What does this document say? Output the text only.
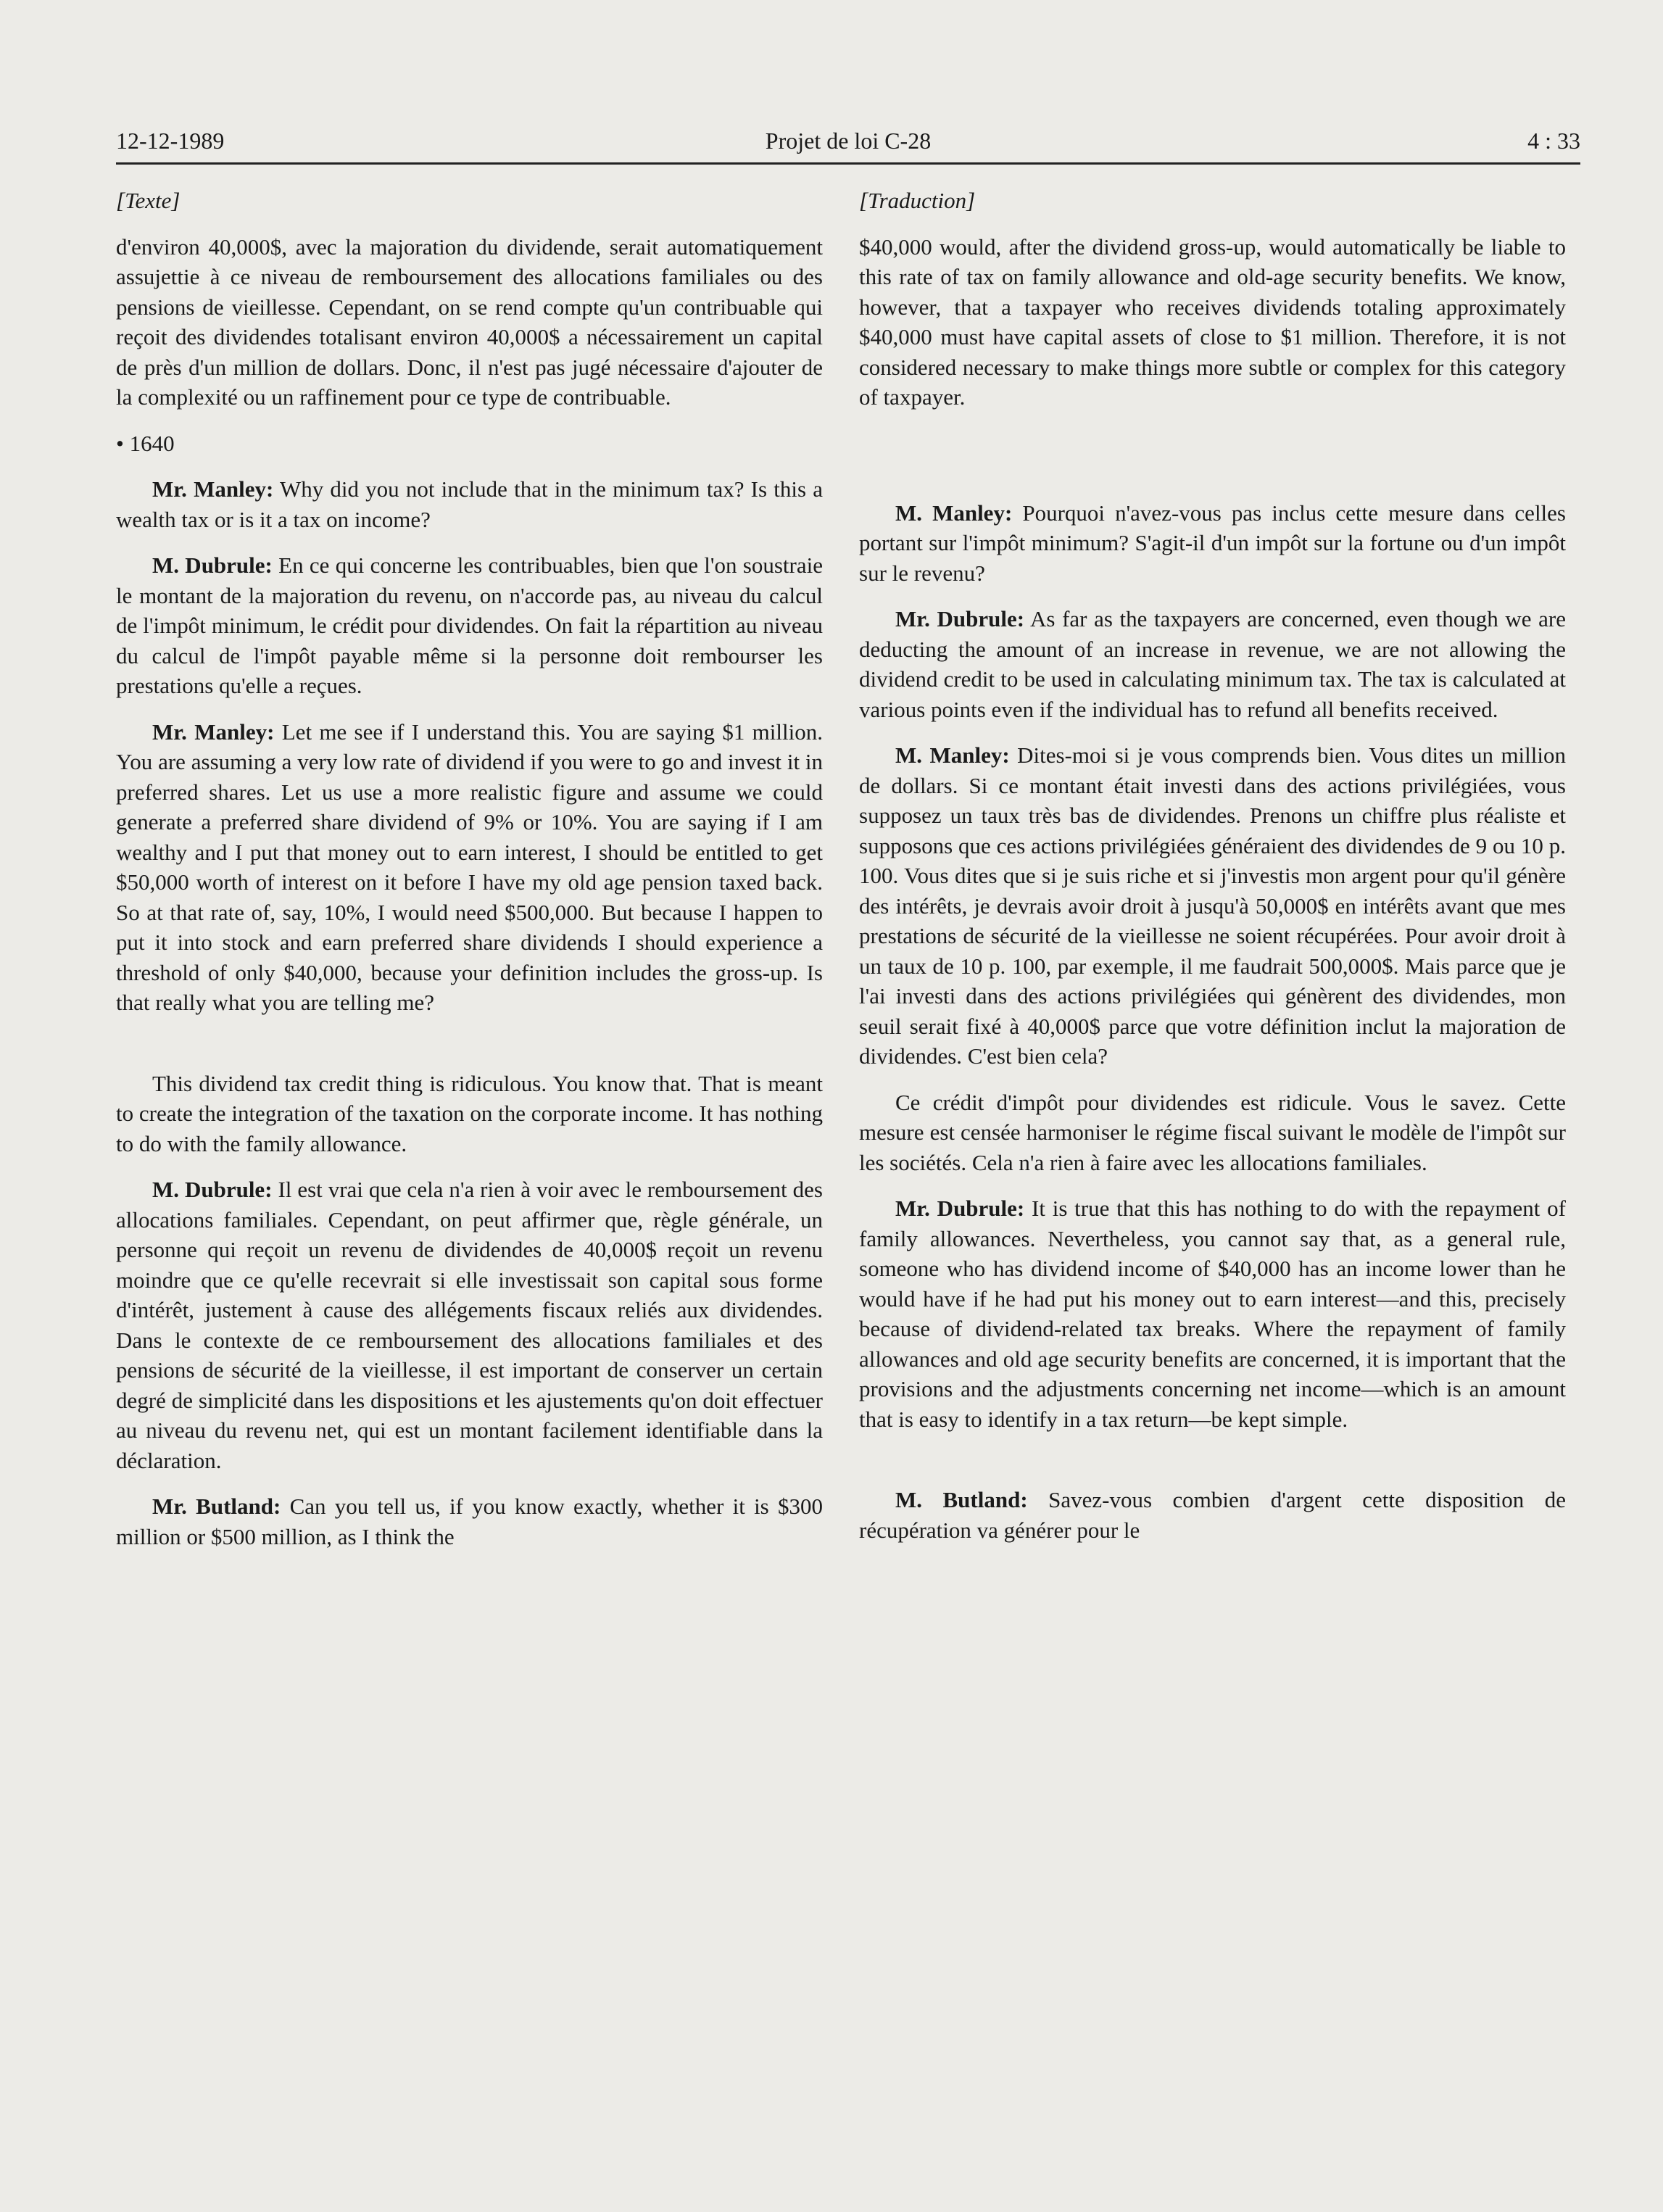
12-12-1989	Projet de loi C-28	4 : 33

[Texte]

d'environ 40,000$, avec la majoration du dividende, serait automatiquement assujettie à ce niveau de remboursement des allocations familiales ou des pensions de vieillesse. Cependant, on se rend compte qu'un contribuable qui reçoit des dividendes totalisant environ 40,000$ a nécessairement un capital de près d'un million de dollars. Donc, il n'est pas jugé nécessaire d'ajouter de la complexité ou un raffinement pour ce type de contribuable.

• 1640

Mr. Manley: Why did you not include that in the minimum tax? Is this a wealth tax or is it a tax on income?

M. Dubrule: En ce qui concerne les contribuables, bien que l'on soustraie le montant de la majoration du revenu, on n'accorde pas, au niveau du calcul de l'impôt minimum, le crédit pour dividendes. On fait la répartition au niveau du calcul de l'impôt payable même si la personne doit rembourser les prestations qu'elle a reçues.

Mr. Manley: Let me see if I understand this. You are saying $1 million. You are assuming a very low rate of dividend if you were to go and invest it in preferred shares. Let us use a more realistic figure and assume we could generate a preferred share dividend of 9% or 10%. You are saying if I am wealthy and I put that money out to earn interest, I should be entitled to get $50,000 worth of interest on it before I have my old age pension taxed back. So at that rate of, say, 10%, I would need $500,000. But because I happen to put it into stock and earn preferred share dividends I should experience a threshold of only $40,000, because your definition includes the gross-up. Is that really what you are telling me?

This dividend tax credit thing is ridiculous. You know that. That is meant to create the integration of the taxation on the corporate income. It has nothing to do with the family allowance.

M. Dubrule: Il est vrai que cela n'a rien à voir avec le remboursement des allocations familiales. Cependant, on peut affirmer que, règle générale, un personne qui reçoit un revenu de dividendes de 40,000$ reçoit un revenu moindre que ce qu'elle recevrait si elle investissait son capital sous forme d'intérêt, justement à cause des allégements fiscaux reliés aux dividendes. Dans le contexte de ce remboursement des allocations familiales et des pensions de sécurité de la vieillesse, il est important de conserver un certain degré de simplicité dans les dispositions et les ajustements qu'on doit effectuer au niveau du revenu net, qui est un montant facilement identifiable dans la déclaration.

Mr. Butland: Can you tell us, if you know exactly, whether it is $300 million or $500 million, as I think the

[Traduction]

$40,000 would, after the dividend gross-up, would automatically be liable to this rate of tax on family allowance and old-age security benefits. We know, however, that a taxpayer who receives dividends totaling approximately $40,000 must have capital assets of close to $1 million. Therefore, it is not considered necessary to make things more subtle or complex for this category of taxpayer.

M. Manley: Pourquoi n'avez-vous pas inclus cette mesure dans celles portant sur l'impôt minimum? S'agit-il d'un impôt sur la fortune ou d'un impôt sur le revenu?

Mr. Dubrule: As far as the taxpayers are concerned, even though we are deducting the amount of an increase in revenue, we are not allowing the dividend credit to be used in calculating minimum tax. The tax is calculated at various points even if the individual has to refund all benefits received.

M. Manley: Dites-moi si je vous comprends bien. Vous dites un million de dollars. Si ce montant était investi dans des actions privilégiées, vous supposez un taux très bas de dividendes. Prenons un chiffre plus réaliste et supposons que ces actions privilégiées généraient des dividendes de 9 ou 10 p. 100. Vous dites que si je suis riche et si j'investis mon argent pour qu'il génère des intérêts, je devrais avoir droit à jusqu'à 50,000$ en intérêts avant que mes prestations de sécurité de la vieillesse ne soient récupérées. Pour avoir droit à un taux de 10 p. 100, par exemple, il me faudrait 500,000$. Mais parce que je l'ai investi dans des actions privilégiées qui génèrent des dividendes, mon seuil serait fixé à 40,000$ parce que votre définition inclut la majoration de dividendes. C'est bien cela?

Ce crédit d'impôt pour dividendes est ridicule. Vous le savez. Cette mesure est censée harmoniser le régime fiscal suivant le modèle de l'impôt sur les sociétés. Cela n'a rien à faire avec les allocations familiales.

Mr. Dubrule: It is true that this has nothing to do with the repayment of family allowances. Nevertheless, you cannot say that, as a general rule, someone who has dividend income of $40,000 has an income lower than he would have if he had put his money out to earn interest—and this, precisely because of dividend-related tax breaks. Where the repayment of family allowances and old age security benefits are concerned, it is important that the provisions and the adjustments concerning net income—which is an amount that is easy to identify in a tax return—be kept simple.

M. Butland: Savez-vous combien d'argent cette disposition de récupération va générer pour le
